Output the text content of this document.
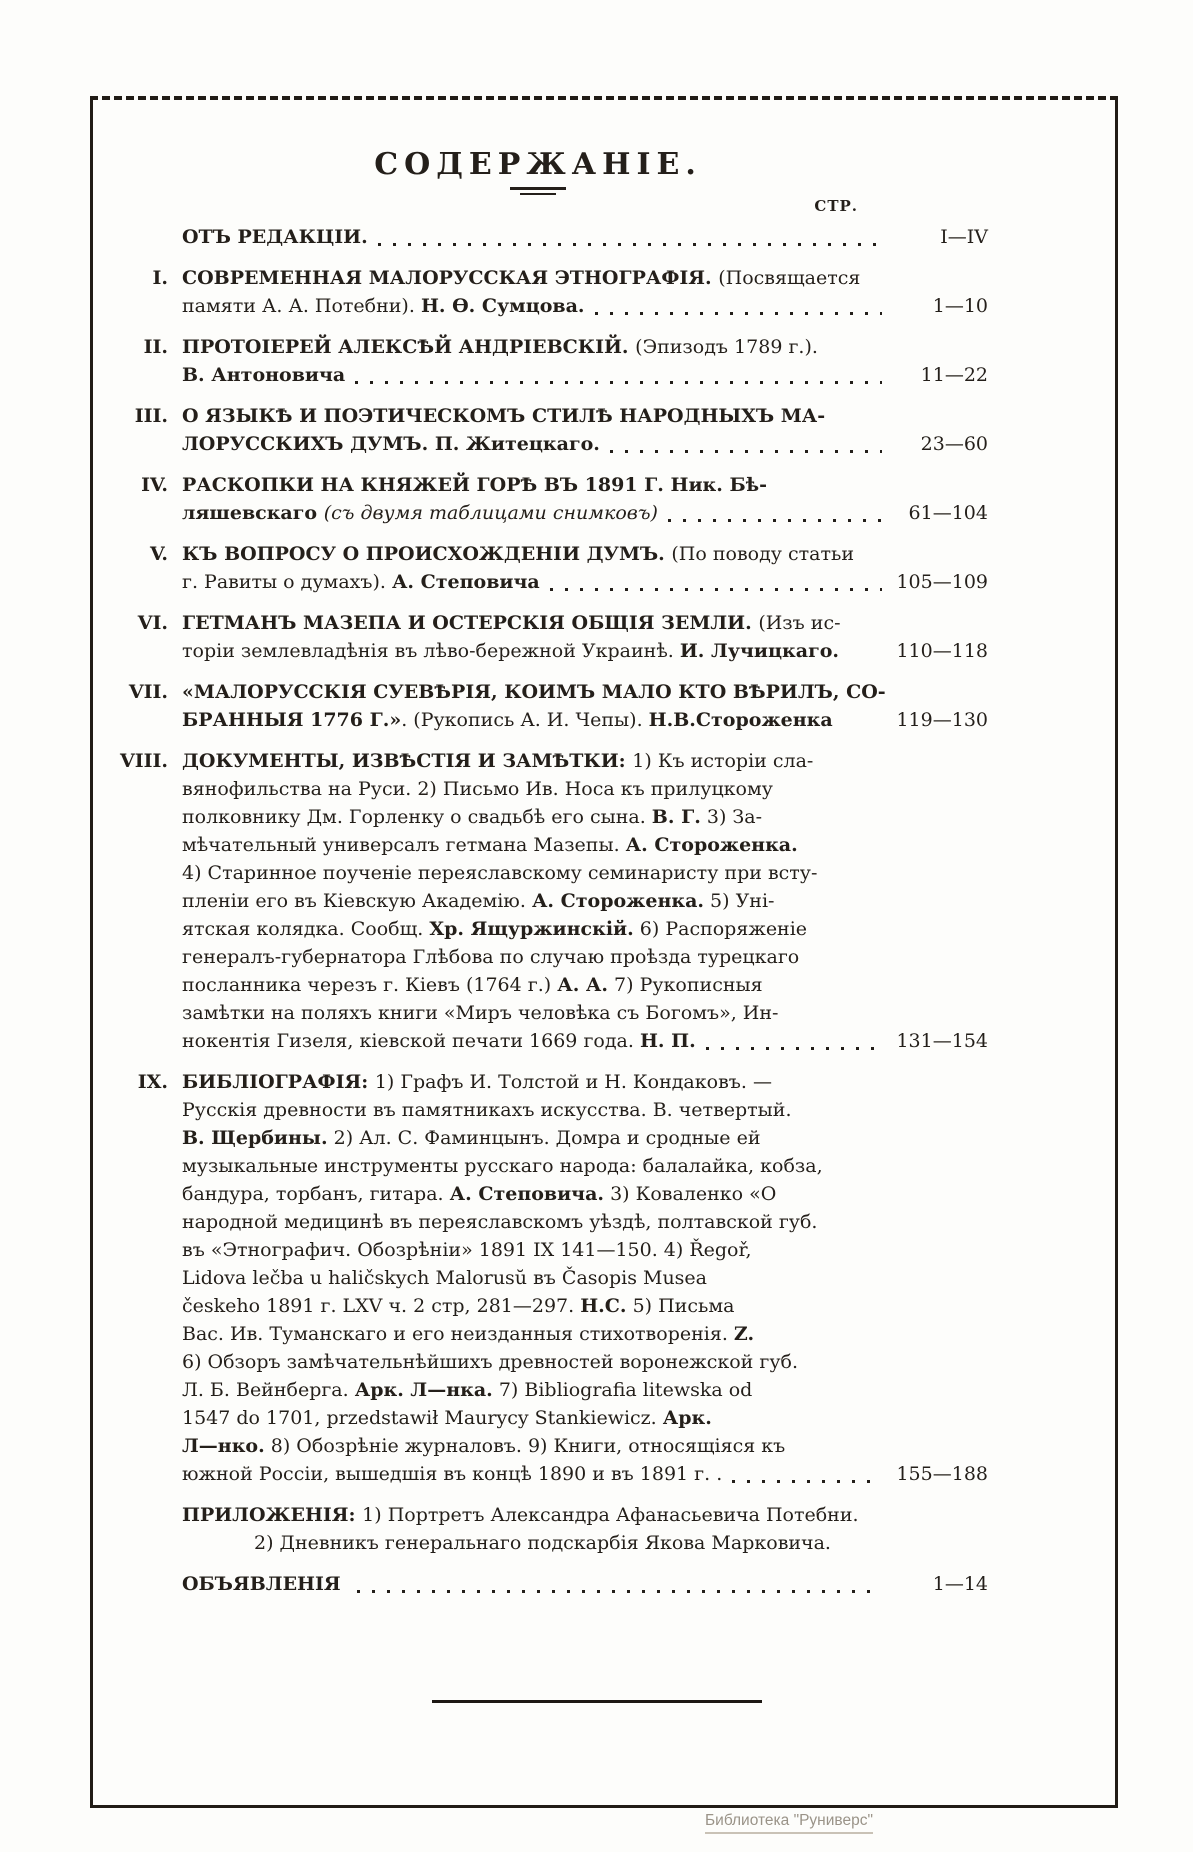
СОДЕРЖАНІЕ.
СТР.
ОТЪ РЕДАКЦІИ.	I—IV
I. СОВРЕМЕННАЯ МАЛОРУССКАЯ ЭТНОГРАФІЯ. (Посвящается
памяти А. А. Потебни). Н. Ѳ. Сумцова.	1—10
II. ПРОТОІЕРЕЙ АЛЕКСѢЙ АНДРІЕВСКІЙ. (Эпизодъ 1789 г.).
В. Антоновича	11—22
III. О ЯЗЫКѢ И ПОЭТИЧЕСКОМЪ СТИЛѢ НАРОДНЫХЪ МА-
ЛОРУССКИХЪ ДУМЪ. П. Житецкаго.	23—60
IV. РАСКОПКИ НА КНЯЖЕЙ ГОРѢ ВЪ 1891 Г. Ник. Бѣ-
ляшевскаго (съ двумя таблицами снимковъ)	61—104
V. КЪ ВОПРОСУ О ПРОИСХОЖДЕНІИ ДУМЪ. (По поводу статьи
г. Равиты о думахъ). А. Степовича	105—109
VI. ГЕТМАНЪ МАЗЕПА И ОСТЕРСКІЯ ОБЩІЯ ЗЕМЛИ. (Изъ ис-
торіи землевладѣнія въ лѣво-бережной Украинѣ. И. Лучицкаго.	110—118
VII. «МАЛОРУССКІЯ СУЕВѢРІЯ, КОИМЪ МАЛО КТО ВѢРИЛЪ, СО-
БРАННЫЯ 1776 Г.» . (Рукопись А. И. Чепы). Н.В.Стороженка	119—130
VIII. ДОКУМЕНТЫ, ИЗВѢСТІЯ И ЗАМѢТКИ: 1) Къ исторіи сла-
вянофильства на Руси. 2) Письмо Ив. Носа къ прилуцкому
полковнику Дм. Горленку о свадьбѣ его сына. В. Г. 3) За-
мѣчательный универсалъ гетмана Мазепы. А. Стороженка.
4) Старинное поученіе переяславскому семинаристу при всту-
пленіи его въ Кіевскую Академію. А. Стороженка. 5) Уні-
ятская колядка. Сообщ. Хр. Ящуржинскій. 6) Распоряженіе
генералъ-губернатора Глѣбова по случаю проѣзда турецкаго
посланника черезъ г. Кіевъ (1764 г.) А. А. 7) Рукописныя
замѣтки на поляхъ книги «Миръ человѣка съ Богомъ», Ин-
нокентія Гизеля, кіевской печати 1669 года. Н. П.	131—154
IX. БИБЛІОГРАФІЯ: 1) Графъ И. Толстой и Н. Кондаковъ. —
Русскія древности въ памятникахъ искусства. В. четвертый.
В. Щербины. 2) Ал. С. Фаминцынъ. Домра и сродные ей
музыкальные инструменты русскаго народа: балалайка, кобза,
бандура, торбанъ, гитара. А. Степовича. 3) Коваленко «О
народной медицинѣ въ переяславскомъ уѣздѣ, полтавской губ.
въ «Этнографич. Обозрѣніи» 1891 IX 141—150. 4) Řegoř,
Lidova lečba u haličskych Malorusŭ въ Časopis Musea
českeho 1891 г. LXV ч. 2 стр, 281—297. Н.С. 5) Письма
Вас. Ив. Туманскаго и его неизданныя стихотворенія. Z.
6) Обзоръ замѣчательнѣйшихъ древностей воронежской губ.
Л. Б. Вейнберга. Арк. Л—нка. 7) Bibliografia litewska od
1547 do 1701, przedstawił Maurycy Stankiewicz. Арк.
Л—нко. 8) Обозрѣніе журналовъ. 9) Книги, относящіяся къ
южной Россіи, вышедшія въ концѣ 1890 и въ 1891 г. .	155—188
ПРИЛОЖЕНІЯ: 1) Портретъ Александра Афанасьевича Потебни.
2) Дневникъ генеральнаго подскарбія Якова Марковича.
ОБЪЯВЛЕНІЯ	1—14
Библиотека "Руниверс"
